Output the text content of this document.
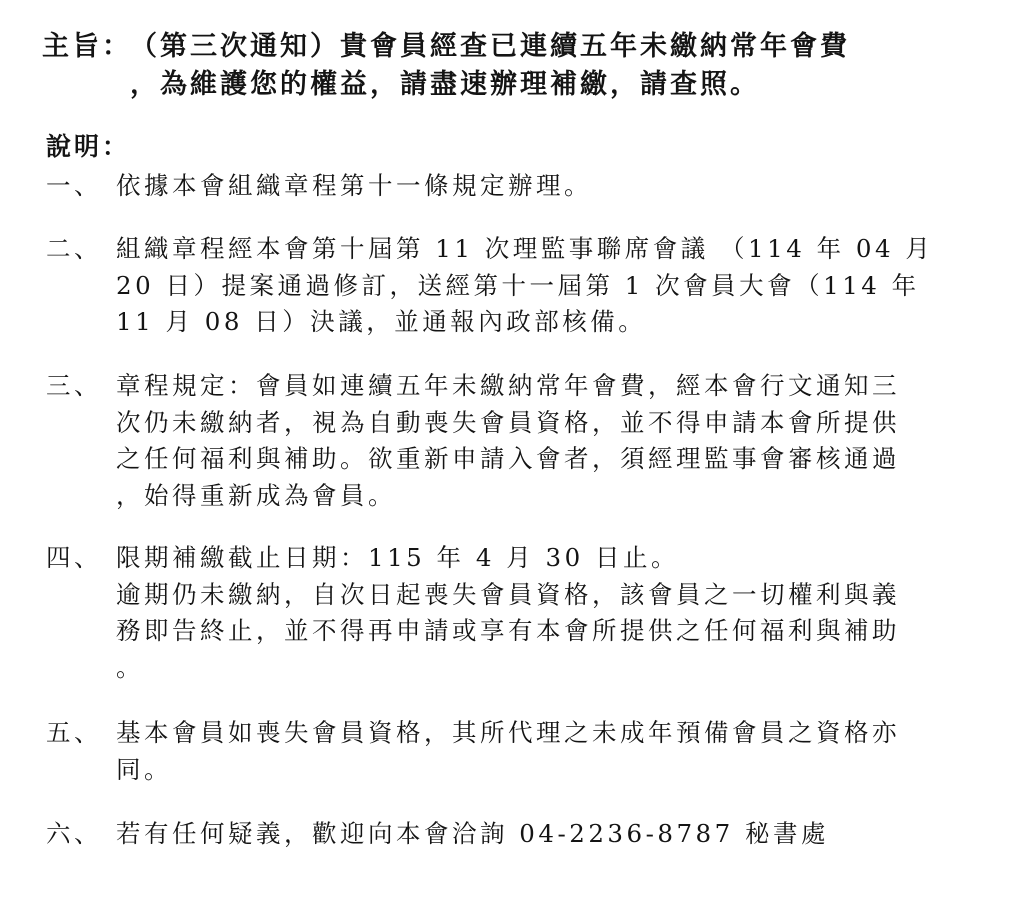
主旨：
（第三次通知）貴會員經查已連續五年未繳納常年會費
，為維護您的權益，請盡速辦理補繳，請查照。
說明：
一、 依據本會組織章程第十一條規定辦理。
二、 組織章程經本會第十屆第 11 次理監事聯席會議 （114 年 04 月
20 日）提案通過修訂，送經第十一屆第 1 次會員大會（114 年
11 月 08 日）決議，並通報內政部核備。
三、 章程規定：會員如連續五年未繳納常年會費，經本會行文通知三
次仍未繳納者，視為自動喪失會員資格，並不得申請本會所提供
之任何福利與補助。欲重新申請入會者，須經理監事會審核通過
，始得重新成為會員。
四、 限期補繳截止日期：115 年 4 月 30 日止。
逾期仍未繳納，自次日起喪失會員資格，該會員之一切權利與義
務即告終止，並不得再申請或享有本會所提供之任何福利與補助
。
五、 基本會員如喪失會員資格，其所代理之未成年預備會員之資格亦
同。
六、 若有任何疑義，歡迎向本會洽詢 04-2236-8787 秘書處
